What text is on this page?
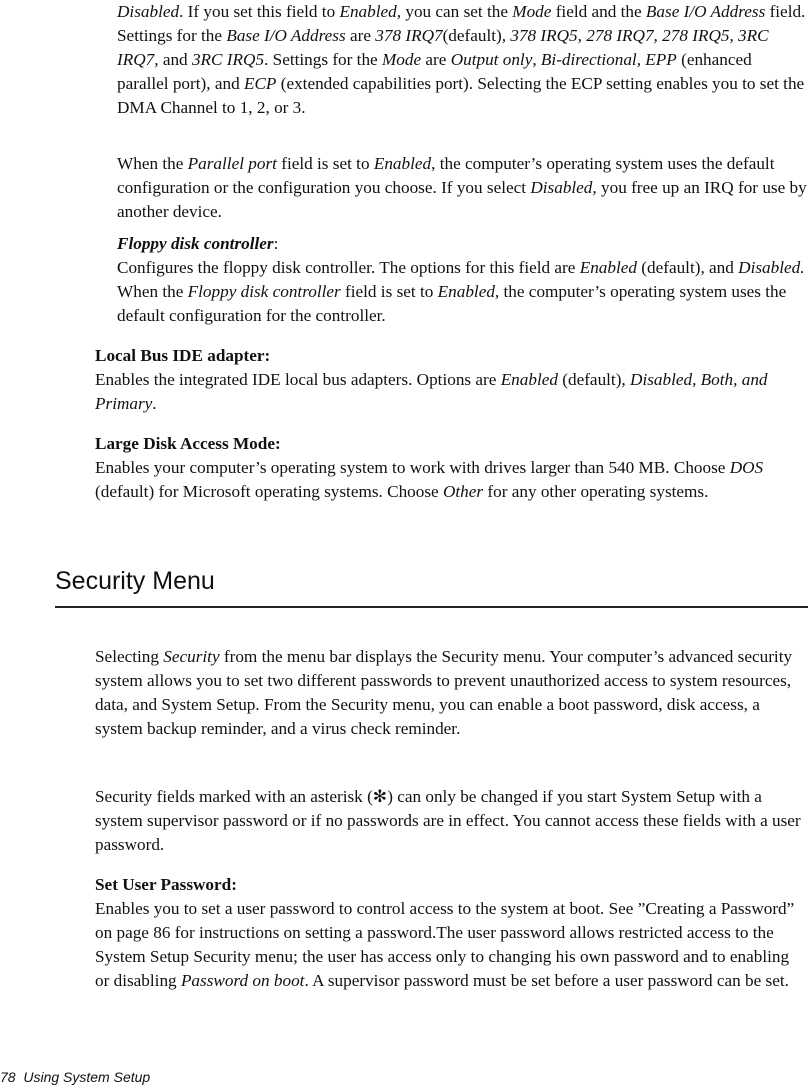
Disabled. If you set this field to Enabled, you can set the Mode field and the Base I/O Address field. Settings for the Base I/O Address are 378 IRQ7(default), 378 IRQ5, 278 IRQ7, 278 IRQ5, 3RC IRQ7, and 3RC IRQ5. Settings for the Mode are Output only, Bi-directional, EPP (enhanced parallel port), and ECP (extended capabilities port). Selecting the ECP setting enables you to set the DMA Channel to 1, 2, or 3.

When the Parallel port field is set to Enabled, the computer’s operating system uses the default configuration or the configuration you choose. If you select Disabled, you free up an IRQ for use by another device.

Floppy disk controller:
Configures the floppy disk controller. The options for this field are Enabled (default), and Disabled. When the Floppy disk controller field is set to Enabled, the computer’s operating system uses the default configuration for the controller.

Local Bus IDE adapter:
Enables the integrated IDE local bus adapters. Options are Enabled (default), Disabled, Both, and Primary.

Large Disk Access Mode:
Enables your computer’s operating system to work with drives larger than 540 MB. Choose DOS (default) for Microsoft operating systems. Choose Other for any other operating systems.

Security Menu

Selecting Security from the menu bar displays the Security menu. Your computer’s advanced security system allows you to set two different passwords to prevent unauthorized access to system resources, data, and System Setup. From the Security menu, you can enable a boot password, disk access, a system backup reminder, and a virus check reminder.

Security fields marked with an asterisk (✻) can only be changed if you start System Setup with a system supervisor password or if no passwords are in effect. You cannot access these fields with a user password.

Set User Password:
Enables you to set a user password to control access to the system at boot. See ”Creating a Password” on page 86 for instructions on setting a password.The user password allows restricted access to the System Setup Security menu; the user has access only to changing his own password and to enabling or disabling Password on boot. A supervisor password must be set before a user password can be set.

78 Using System Setup
